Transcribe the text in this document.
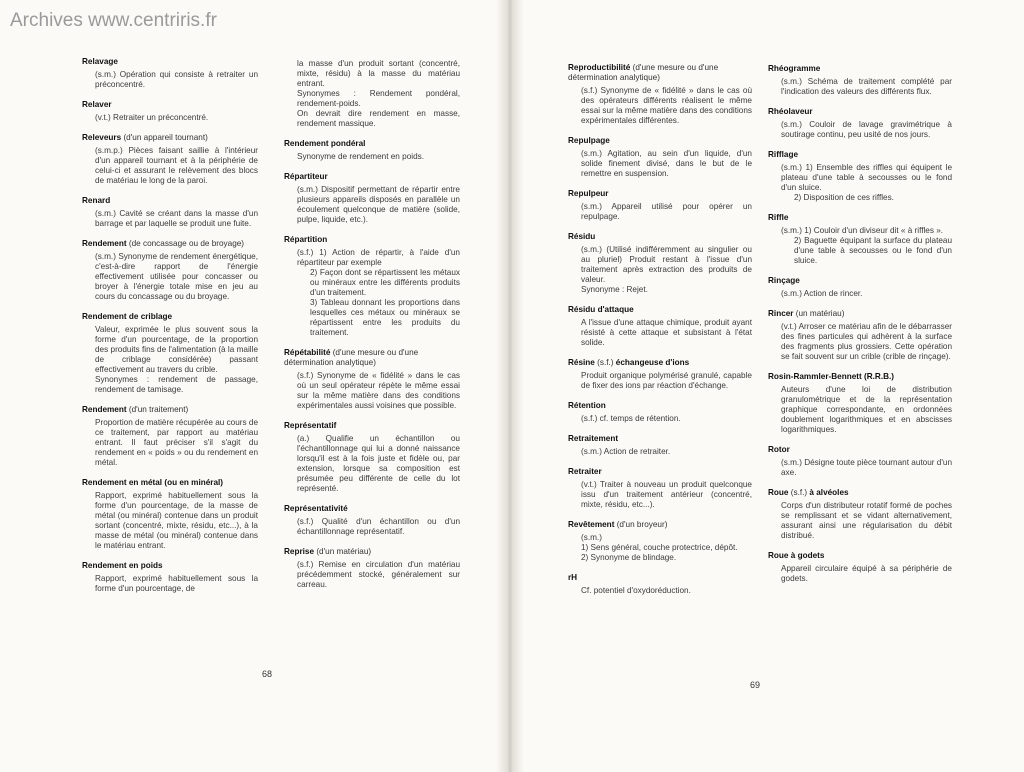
Archives www.centriris.fr
Relavage
(s.m.) Opération qui consiste à retraiter un préconcentré.
Relaver
(v.t.) Retraiter un préconcentré.
Releveurs (d'un appareil tournant)
(s.m.p.) Pièces faisant saillie à l'intérieur d'un appareil tournant et à la périphérie de celui-ci et assurant le relèvement des blocs de matériau le long de la paroi.
Renard
(s.m.) Cavité se créant dans la masse d'un barrage et par laquelle se produit une fuite.
Rendement (de concassage ou de broyage)
(s.m.) Synonyme de rendement énergétique, c'est-à-dire rapport de l'énergie effectivement utilisée pour concasser ou broyer à l'énergie totale mise en jeu au cours du concassage ou du broyage.
Rendement de criblage
Valeur, exprimée le plus souvent sous la forme d'un pourcentage, de la proportion des produits fins de l'alimentation (à la maille de criblage considérée) passant effectivement au travers du crible.
Synonymes : rendement de passage, rendement de tamisage.
Rendement (d'un traitement)
Proportion de matière récupérée au cours de ce traitement, par rapport au matériau entrant. Il faut préciser s'il s'agit du rendement en « poids » ou du rendement en métal.
Rendement en métal (ou en minéral)
Rapport, exprimé habituellement sous la forme d'un pourcentage, de la masse de métal (ou minéral) contenue dans un produit sortant (concentré, mixte, résidu, etc...), à la masse de métal (ou minéral) contenue dans le matériau entrant.
Rendement en poids
Rapport, exprimé habituellement sous la forme d'un pourcentage, de
la masse d'un produit sortant (concentré, mixte, résidu) à la masse du matériau entrant.
Synonymes : Rendement pondéral, rendement-poids.
On devrait dire rendement en masse, rendement massique.
Rendement pondéral
Synonyme de rendement en poids.
Répartiteur
(s.m.) Dispositif permettant de répartir entre plusieurs appareils disposés en parallèle un écoulement quelconque de matière (solide, pulpe, liquide, etc.).
Répartition
(s.f.) 1) Action de répartir, à l'aide d'un répartiteur par exemple
2) Façon dont se répartissent les métaux ou minéraux entre les différents produits d'un traitement.
3) Tableau donnant les proportions dans lesquelles ces métaux ou minéraux se répartissent entre les produits du traitement.
Répétabilité (d'une mesure ou d'une détermination analytique)
(s.f.) Synonyme de « fidélité » dans le cas où un seul opérateur répète le même essai sur la même matière dans des conditions expérimentales aussi voisines que possible.
Représentatif
(a.) Qualifie un échantillon ou l'échantillonnage qui lui a donné naissance lorsqu'il est à la fois juste et fidèle ou, par extension, lorsque sa composition est présumée peu différente de celle du lot représenté.
Représentativité
(s.f.) Qualité d'un échantillon ou d'un échantillonnage représentatif.
Reprise (d'un matériau)
(s.f.) Remise en circulation d'un matériau précédemment stocké, généralement sur carreau.
68
Reproductibilité (d'une mesure ou d'une détermination analytique)
(s.f.) Synonyme de « fidélité » dans le cas où des opérateurs différents réalisent le même essai sur la même matière dans des conditions expérimentales différentes.
Repulpage
(s.m.) Agitation, au sein d'un liquide, d'un solide finement divisé, dans le but de le remettre en suspension.
Repulpeur
(s.m.) Appareil utilisé pour opérer un repulpage.
Résidu
(s.m.) (Utilisé indifféremment au singulier ou au pluriel) Produit restant à l'issue d'un traitement après extraction des produits de valeur.
Synonyme : Rejet.
Résidu d'attaque
A l'issue d'une attaque chimique, produit ayant résisté à cette attaque et subsistant à l'état solide.
Résine (s.f.) échangeuse d'ions
Produit organique polymérisé granulé, capable de fixer des ions par réaction d'échange.
Rétention
(s.f.) cf. temps de rétention.
Retraitement
(s.m.) Action de retraiter.
Retraiter
(v.t.) Traiter à nouveau un produit quelconque issu d'un traitement antérieur (concentré, mixte, résidu, etc...).
Revêtement (d'un broyeur)
(s.m.)
1) Sens général, couche protectrice, dépôt.
2) Synonyme de blindage.
rH
Cf. potentiel d'oxydoréduction.
Rhéogramme
(s.m.) Schéma de traitement complété par l'indication des valeurs des différents flux.
Rhéolaveur
(s.m.) Couloir de lavage gravimétrique à soutirage continu, peu usité de nos jours.
Rifflage
(s.m.) 1) Ensemble des riffles qui équipent le plateau d'une table à secousses ou le fond d'un sluice.
2) Disposition de ces riffles.
Riffle
(s.m.) 1) Couloir d'un diviseur dit « à riffles ».
2) Baguette équipant la surface du plateau d'une table à secousses ou le fond d'un sluice.
Rinçage
(s.m.) Action de rincer.
Rincer (un matériau)
(v.t.) Arroser ce matériau afin de le débarrasser des fines particules qui adhèrent à la surface des fragments plus grossiers. Cette opération se fait souvent sur un crible (crible de rinçage).
Rosin-Rammler-Bennett (R.R.B.)
Auteurs d'une loi de distribution granulométrique et de la représentation graphique correspondante, en ordonnées doublement logarithmiques et en abscisses logarithmiques.
Rotor
(s.m.) Désigne toute pièce tournant autour d'un axe.
Roue (s.f.) à alvéoles
Corps d'un distributeur rotatif formé de poches se remplissant et se vidant alternativement, assurant ainsi une régularisation du débit distribué.
Roue à godets
Appareil circulaire équipé à sa périphérie de godets.
69
